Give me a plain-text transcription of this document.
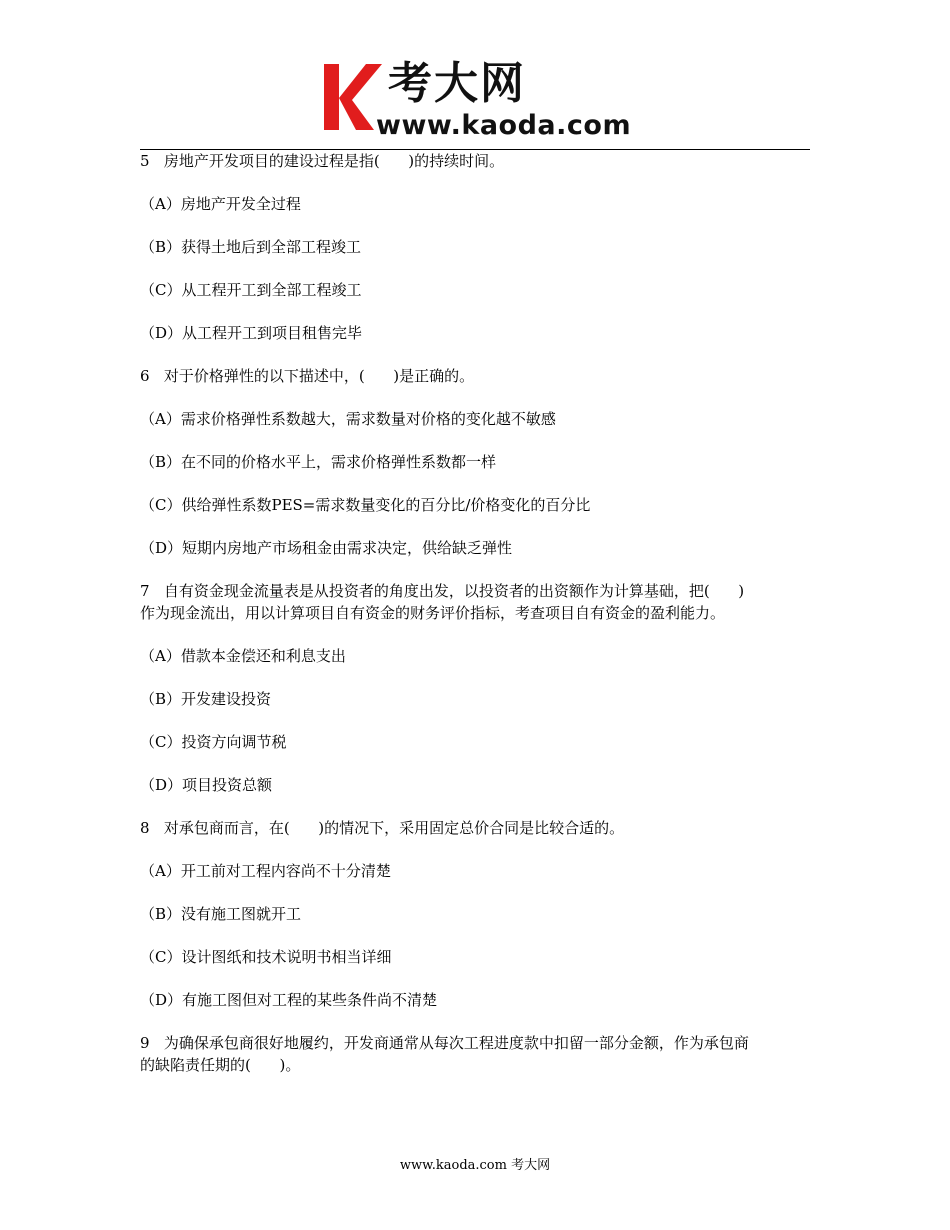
考大网
www.kaoda.com

5   房地产开发项目的建设过程是指(      )的持续时间。

（A）房地产开发全过程

（B）获得土地后到全部工程竣工

（C）从工程开工到全部工程竣工

（D）从工程开工到项目租售完毕

6   对于价格弹性的以下描述中，(      )是正确的。

（A）需求价格弹性系数越大，需求数量对价格的变化越不敏感

（B）在不同的价格水平上，需求价格弹性系数都一样

（C）供给弹性系数PES=需求数量变化的百分比/价格变化的百分比

（D）短期内房地产市场租金由需求决定，供给缺乏弹性

7   自有资金现金流量表是从投资者的角度出发，以投资者的出资额作为计算基础，把(      )

作为现金流出，用以计算项目自有资金的财务评价指标，考查项目自有资金的盈利能力。

（A）借款本金偿还和利息支出

（B）开发建设投资

（C）投资方向调节税

（D）项目投资总额

8   对承包商而言，在(      )的情况下，采用固定总价合同是比较合适的。

（A）开工前对工程内容尚不十分清楚

（B）没有施工图就开工

（C）设计图纸和技术说明书相当详细

（D）有施工图但对工程的某些条件尚不清楚

9   为确保承包商很好地履约，开发商通常从每次工程进度款中扣留一部分金额，作为承包商

的缺陷责任期的(      )。

www.kaoda.com 考大网
